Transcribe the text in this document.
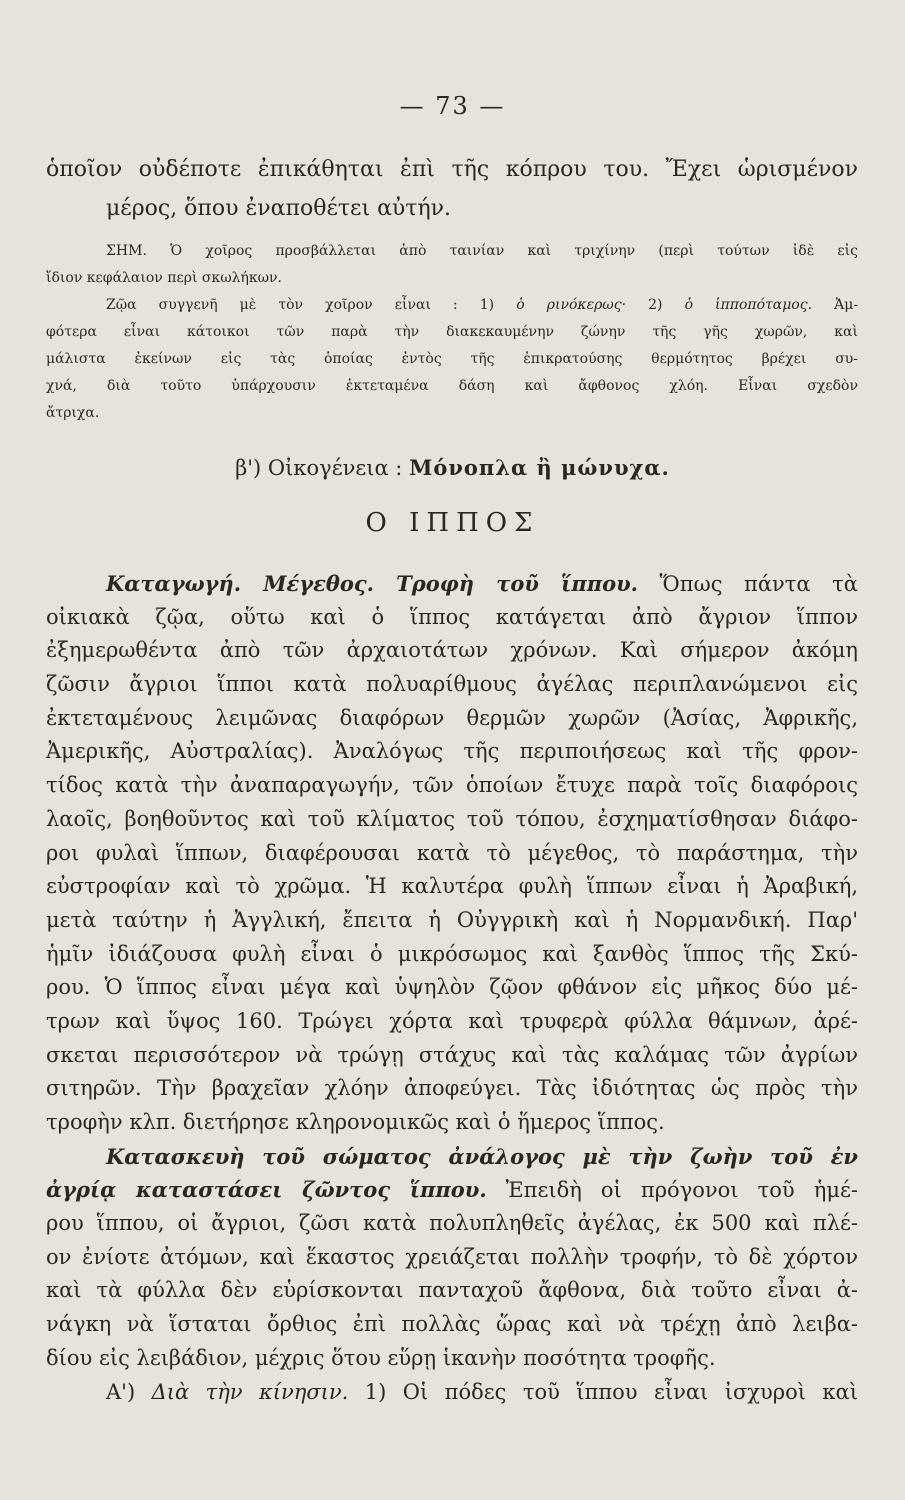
— 73 —
ὁποῖον οὐδέποτε ἐπικάθηται ἐπὶ τῆς κόπρου του. Ἔχει ὡρισμένον
μέρος, ὅπου ἐναποθέτει αὐτήν.
ΣΗΜ. Ὁ χοῖρος προσβάλλεται ἀπὸ ταινίαν καὶ τριχίνην (περὶ τούτων ἰδὲ εἰς
ἴδιον κεφάλαιον περὶ σκωλήκων.
Ζῷα συγγενῆ μὲ τὸν χοῖρον εἶναι : 1) ὁ ρινόκερως· 2) ὁ ἱπποπόταμος. Ἀμ-
φότερα εἶναι κάτοικοι τῶν παρὰ τὴν διακεκαυμένην ζώνην τῆς γῆς χωρῶν, καὶ
μάλιστα ἐκείνων εἰς τὰς ὁποίας ἐντὸς τῆς ἐπικρατούσης θερμότητος βρέχει συ-
χνά, διὰ τοῦτο ὑπάρχουσιν ἐκτεταμένα δάση καὶ ἄφθονος χλόη. Εἶναι σχεδὸν
ἄτριχα.
β') Οἰκογένεια : Μόνοπλα ἢ μώνυχα.
Ο ΙΠΠΟΣ
Καταγωγή. Μέγεθος. Τροφὴ τοῦ ἵππου. Ὅπως πάντα τὰ
οἰκιακὰ ζῷα, οὕτω καὶ ὁ ἵππος κατάγεται ἀπὸ ἄγριον ἵππον
ἐξημερωθέντα ἀπὸ τῶν ἀρχαιοτάτων χρόνων. Καὶ σήμερον ἀκόμη
ζῶσιν ἄγριοι ἵπποι κατὰ πολυαρίθμους ἀγέλας περιπλανώμενοι εἰς
ἐκτεταμένους λειμῶνας διαφόρων θερμῶν χωρῶν (Ἀσίας, Ἀφρικῆς,
Ἀμερικῆς, Αὐστραλίας). Ἀναλόγως τῆς περιποιήσεως καὶ τῆς φρον-
τίδος κατὰ τὴν ἀναπαραγωγήν, τῶν ὁποίων ἔτυχε παρὰ τοῖς διαφόροις
λαοῖς, βοηθοῦντος καὶ τοῦ κλίματος τοῦ τόπου, ἐσχηματίσθησαν διάφο-
ροι φυλαὶ ἵππων, διαφέρουσαι κατὰ τὸ μέγεθος, τὸ παράστημα, τὴν
εὐστροφίαν καὶ τὸ χρῶμα. Ἡ καλυτέρα φυλὴ ἵππων εἶναι ἡ Ἀραβική,
μετὰ ταύτην ἡ Ἀγγλική, ἔπειτα ἡ Οὐγγρικὴ καὶ ἡ Νορμανδική. Παρ'
ἡμῖν ἰδιάζουσα φυλὴ εἶναι ὁ μικρόσωμος καὶ ξανθὸς ἵππος τῆς Σκύ-
ρου. Ὁ ἵππος εἶναι μέγα καὶ ὑψηλὸν ζῷον φθάνον εἰς μῆκος δύο μέ-
τρων καὶ ὕψος 160. Τρώγει χόρτα καὶ τρυφερὰ φύλλα θάμνων, ἀρέ-
σκεται περισσότερον νὰ τρώγῃ στάχυς καὶ τὰς καλάμας τῶν ἀγρίων
σιτηρῶν. Τὴν βραχεῖαν χλόην ἀποφεύγει. Τὰς ἰδιότητας ὡς πρὸς τὴν
τροφὴν κλπ. διετήρησε κληρονομικῶς καὶ ὁ ἥμερος ἵππος.
Κατασκευὴ τοῦ σώματος ἀνάλογος μὲ τὴν ζωὴν τοῦ ἐν
ἀγρίᾳ καταστάσει ζῶντος ἵππου. Ἐπειδὴ οἱ πρόγονοι τοῦ ἡμέ-
ρου ἵππου, οἱ ἄγριοι, ζῶσι κατὰ πολυπληθεῖς ἀγέλας, ἐκ 500 καὶ πλέ-
ον ἐνίοτε ἀτόμων, καὶ ἕκαστος χρειάζεται πολλὴν τροφήν, τὸ δὲ χόρτον
καὶ τὰ φύλλα δὲν εὑρίσκονται πανταχοῦ ἄφθονα, διὰ τοῦτο εἶναι ἀ-
νάγκη νὰ ἵσταται ὄρθιος ἐπὶ πολλὰς ὥρας καὶ νὰ τρέχῃ ἀπὸ λειβα-
δίου εἰς λειβάδιον, μέχρις ὅτου εὕρῃ ἱκανὴν ποσότητα τροφῆς.
Α') Διὰ τὴν κίνησιν. 1) Οἱ πόδες τοῦ ἵππου εἶναι ἰσχυροὶ καὶ
